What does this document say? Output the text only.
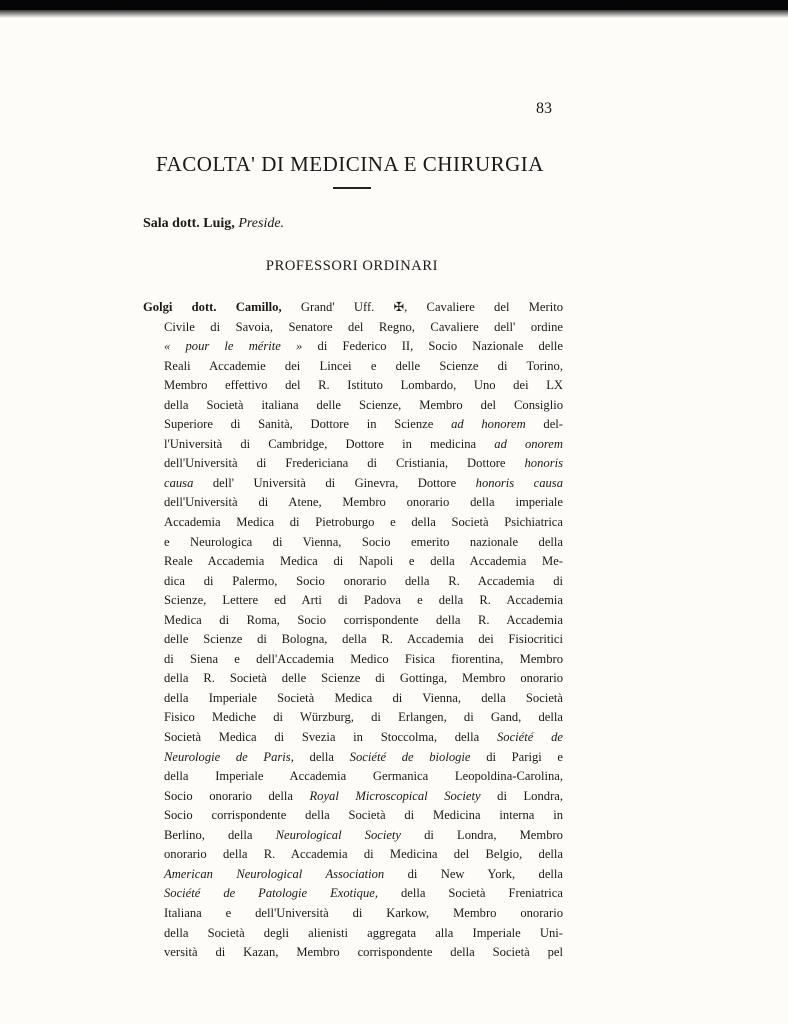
83
FACOLTA' DI MEDICINA E CHIRURGIA
Sala dott. Luig, Preside.
PROFESSORI ORDINARI
Golgi dott. Camillo, Grand' Uff. ✠, Cavaliere del Merito
Civile di Savoia, Senatore del Regno, Cavaliere dell' ordine
« pour le mérite » di Federico II, Socio Nazionale delle
Reali Accademie dei Lincei e delle Scienze di Torino,
Membro effettivo del R. Istituto Lombardo, Uno dei LX
della Società italiana delle Scienze, Membro del Consiglio
Superiore di Sanità, Dottore in Scienze ad honorem del-
l'Università di Cambridge, Dottore in medicina ad onorem
dell'Università di Fredericiana di Cristiania, Dottore honoris
causa dell' Università di Ginevra, Dottore honoris causa
dell'Università di Atene, Membro onorario della imperiale
Accademia Medica di Pietroburgo e della Società Psichiatrica
e Neurologica di Vienna, Socio emerito nazionale della
Reale Accademia Medica di Napoli e della Accademia Me-
dica di Palermo, Socio onorario della R. Accademia di
Scienze, Lettere ed Arti di Padova e della R. Accademia
Medica di Roma, Socio corrispondente della R. Accademia
delle Scienze di Bologna, della R. Accademia dei Fisiocritici
di Siena e dell'Accademia Medico Fisica fiorentina, Membro
della R. Società delle Scienze di Gottinga, Membro onorario
della Imperiale Società Medica di Vienna, della Società
Fisico Mediche di Würzburg, di Erlangen, di Gand, della
Società Medica di Svezia in Stoccolma, della Société de
Neurologie de Paris, della Société de biologie di Parigi e
della Imperiale Accademia Germanica Leopoldina-Carolina,
Socio onorario della Royal Microscopical Society di Londra,
Socio corrispondente della Società di Medicina interna in
Berlino, della Neurological Society di Londra, Membro
onorario della R. Accademia di Medicina del Belgio, della
American Neurological Association di New York, della
Société de Patologie Exotique, della Società Freniatrica
Italiana e dell'Università di Karkow, Membro onorario
della Società degli alienisti aggregata alla Imperiale Uni-
versità di Kazan, Membro corrispondente della Società pel
